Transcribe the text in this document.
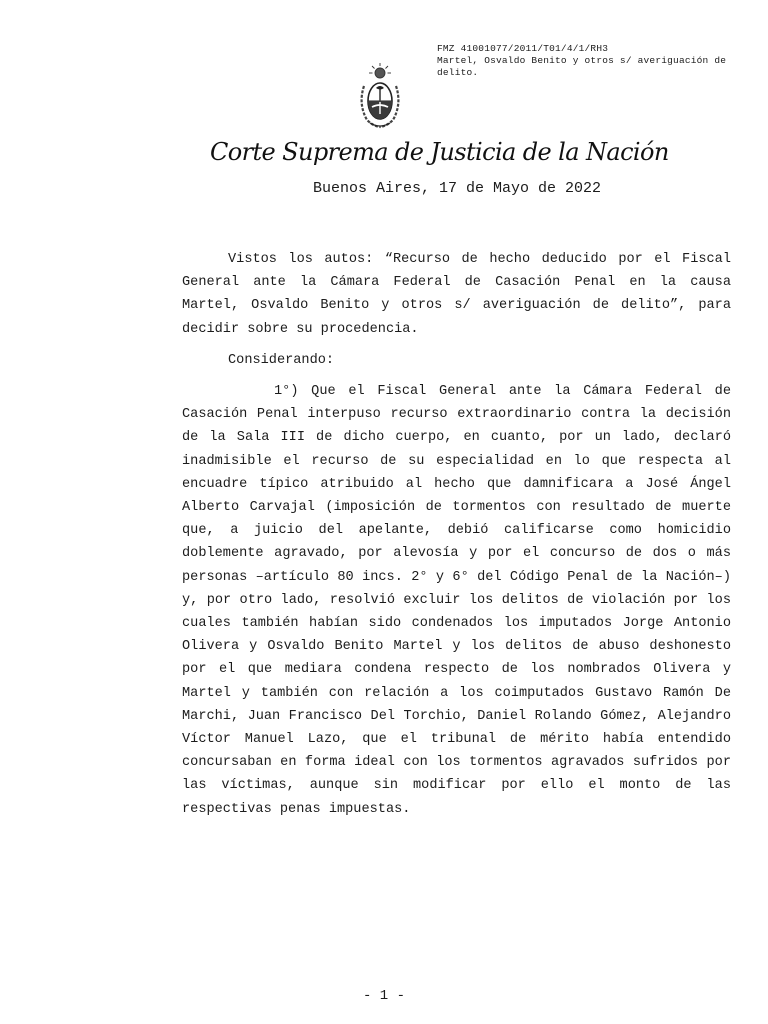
FMZ 41001077/2011/T01/4/1/RH3
Martel, Osvaldo Benito y otros s/ averiguación de delito.
Corte Suprema de Justicia de la Nación
Buenos Aires, 17 de Mayo de 2022

Vistos los autos: “Recurso de hecho deducido por el Fiscal General ante la Cámara Federal de Casación Penal en la causa Martel, Osvaldo Benito y otros s/ averiguación de delito”, para decidir sobre su procedencia.

Considerando:

1°) Que el Fiscal General ante la Cámara Federal de Casación Penal interpuso recurso extraordinario contra la decisión de la Sala III de dicho cuerpo, en cuanto, por un lado, declaró inadmisible el recurso de su especialidad en lo que respecta al encuadre típico atribuido al hecho que damnificara a José Ángel Alberto Carvajal (imposición de tormentos con resultado de muerte que, a juicio del apelante, debió calificarse como homicidio doblemente agravado, por alevosía y por el concurso de dos o más personas –artículo 80 incs. 2° y 6° del Código Penal de la Nación–) y, por otro lado, resolvió excluir los delitos de violación por los cuales también habían sido condenados los imputados Jorge Antonio Olivera y Osvaldo Benito Martel y los delitos de abuso deshonesto por el que mediara condena respecto de los nombrados Olivera y Martel y también con relación a los coimputados Gustavo Ramón De Marchi, Juan Francisco Del Torchio, Daniel Rolando Gómez, Alejandro Víctor Manuel Lazo, que el tribunal de mérito había entendido concursaban en forma ideal con los tormentos agravados sufridos por las víctimas, aunque sin modificar por ello el monto de las respectivas penas impuestas.

- 1 -
